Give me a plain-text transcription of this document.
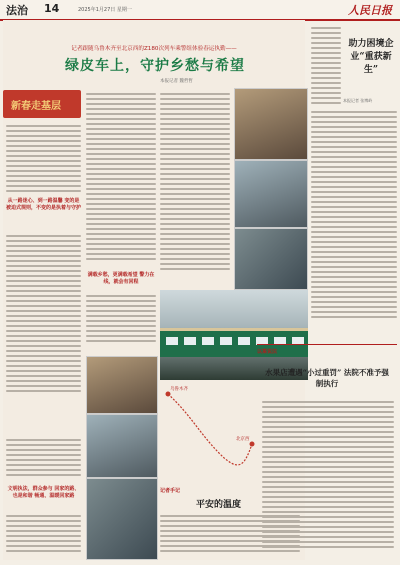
法治 14	2025年1月27日 星期一	人民日报
记者跟随乌鲁木齐至北京西的Z180次列车乘警组体验春运执勤——
绿皮车上，守护乡愁与希望
本报记者 魏哲哲
新春走基层
从一路迷心、到一路温馨 变的是被迫式规则，不变的是执着与守护
文明执法，群众参与 回家的路、也是和谐 畅通、温暖回家路
满载乡愁，更满载希望 警力在线，就会有回程
乌鲁木齐
北京西
记者手记
平安的温度
助力困境企业“重获新生”
本报记者 张博岭
以案说法
水果店遭遇“小过重罚” 法院不准予强制执行
